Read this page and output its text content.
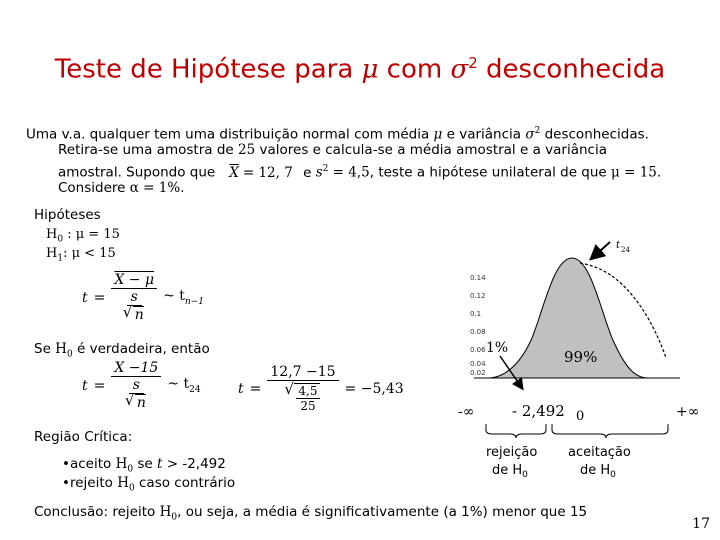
Teste de Hipótese para μ com $\sigma^2$ desconhecida
Uma v.a. qualquer tem uma distribuição normal com média μ e variância $\sigma^2$ desconhecidas.
Retira-se uma amostra de 25 valores e calcula-se a média amostral e a variância
amostral. Supondo que $\overline{X} = 12$, 7 e $s^2 = 4,5$, teste a hipótese unilateral de que μ = 15.
Considere α = 1%.
Hipóteses
$H_0$ : μ = 15
$H_1$: μ < 15
t = X − μ
s
√ n ~ $t_{n-1}$
Se $H_0$ é verdadeira, então
t = X −15
s
√ n ~ $t_{24}$	t = 12,7 −15
√ 4,5
25 = −5,43
Região Crítica:
•aceito $H_0$ se t > -2,492
•rejeito $H_0$ caso contrário
0.14
0.12
0.1
0.08
0.06
0.04
0.02
t 24
1%	99%
-∞	- 2,492 0	+∞
rejeição
de $H_0$
aceitação
de $H_0$
Conclusão: rejeito $H_0$, ou seja, a média é significativamente (a 1%) menor que 15
17
